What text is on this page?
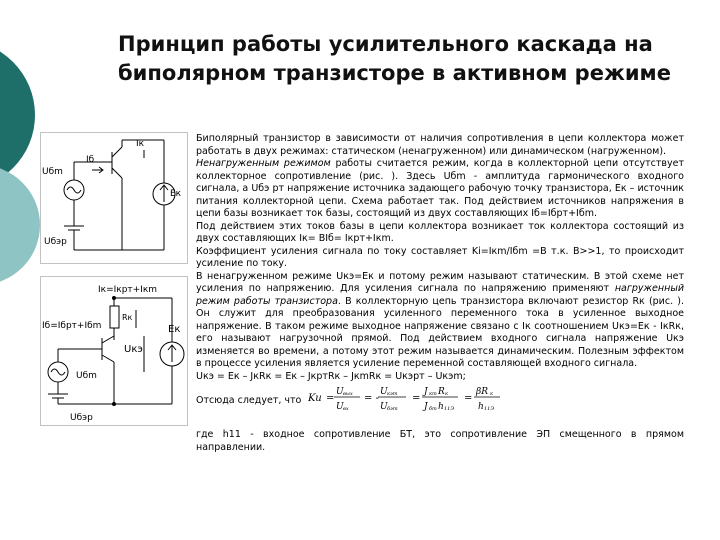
Принцип работы усилительного каскада на биполярном транзисторе в активном режиме
Iк
Iб
Uбm
Eк
Uбэр
Iк=Iкрт+Iкm
Iб=Iбрт+Iбm
Rк
Uкэ
Eк
Uбm
Uбэр

Биполярный транзистор в зависимости от наличия сопротивления в цепи коллектора может работать в двух режимах: статическом (ненагруженном) или динамическом (нагруженном).

Ненагруженным режимом работы считается режим, когда в коллекторной цепи отсутствует коллекторное сопротивление (рис. ). Здесь Uбm - амплитуда гармонического входного сигнала, а Uбэ рт напряжение источника задающего рабочую точку транзистора, Ек – источник питания коллекторной цепи. Схема работает так. Под действием источников напряжения в цепи базы возникает ток базы, состоящий из двух составляющих Iб=Iбрт+Iбm.

Под действием этих токов базы в цепи коллектора возникает ток коллектора состоящий из двух составляющих Iк= BIб= Iкрт+Iкm.

Коэффициент усиления сигнала по току составляет Ki=Iкm/Iбm =B т.к. B>>1, то происходит усиление по току.

В ненагруженном режиме Uкэ=Ек и потому режим называют статическим. В этой схеме нет усиления по напряжению. Для усиления сигнала по напряжению применяют нагруженный режим работы транзистора. В коллекторную цепь транзистора включают резистор Rк (рис. ). Он служит для преобразования усиленного переменного тока в усиленное выходное напряжение. В таком режиме выходное напряжение связано с Iк соотношением Uкэ=Ек - IкRк, его называют нагрузочной прямой. Под действием входного сигнала напряжение Uкэ изменяется во времени, а потому этот режим называется динамическим. Полезным эффектом в процессе усиления является усиление переменной составляющей входного сигнала.

Uкэ = Ек – JкRк = Ек – JкртRк – JкmRк = Uкэрт – Uкэm;

Отсюда следует, что Ku =
U вых
U вх
= -
U кэm
U бэm
=
J кm R к
J бm h 11Э
=
βR к
h 11Э

где h11 - входное сопротивление БТ, это сопротивление ЭП смещенного в прямом направлении.
